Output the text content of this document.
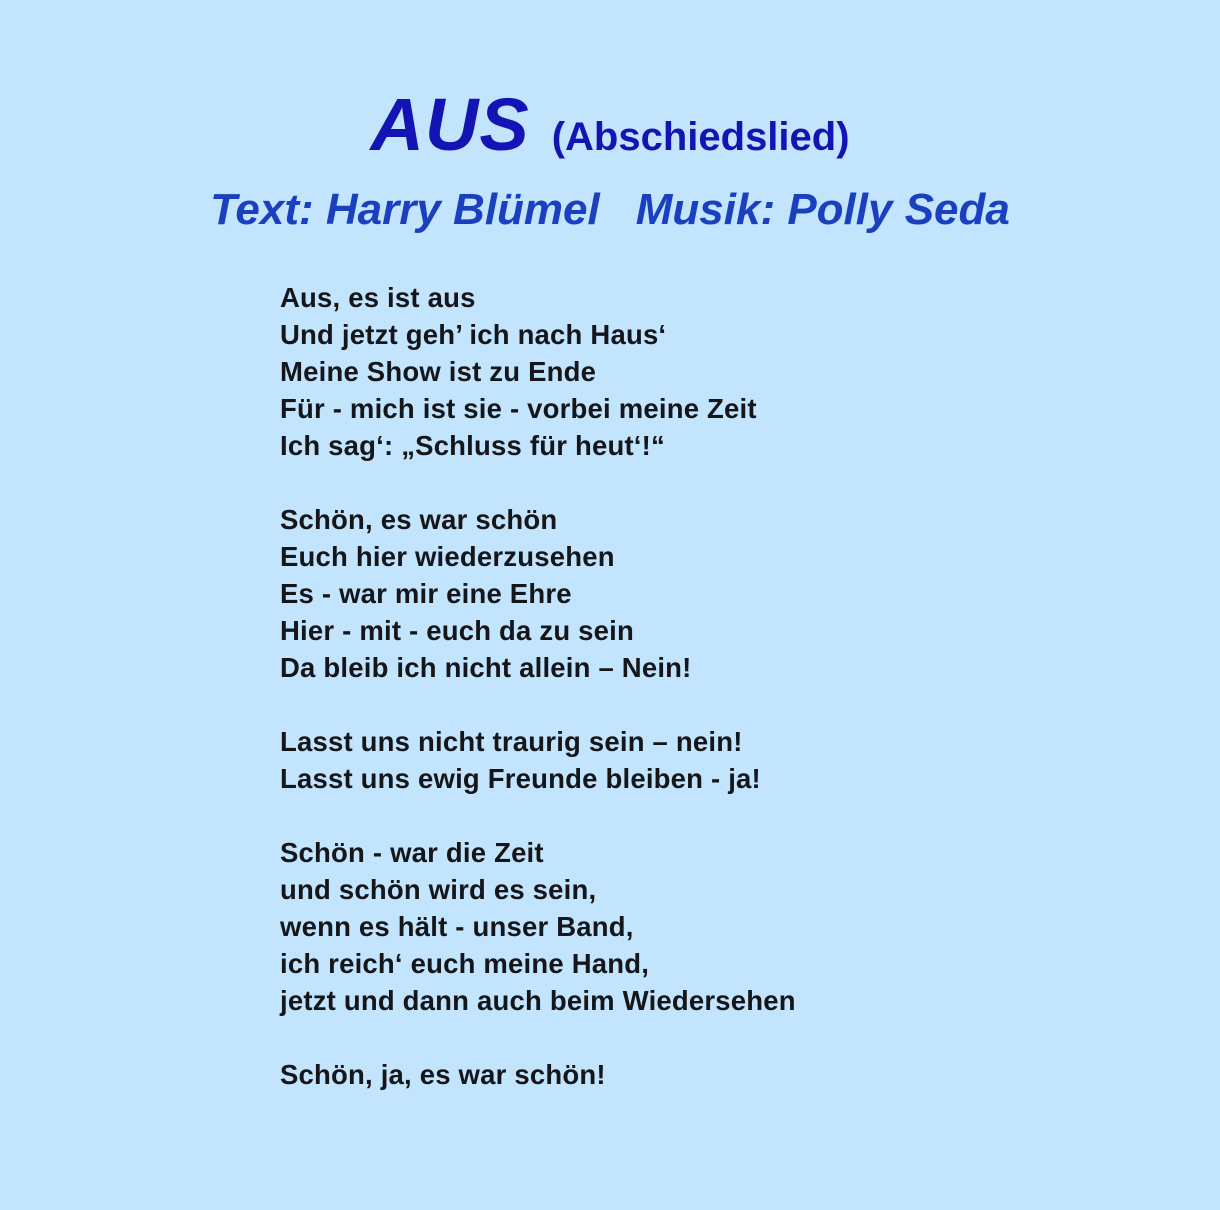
AUS (Abschiedslied)
Text: Harry Blümel Musik: Polly Seda
Aus, es ist aus
Und jetzt geh’ ich nach Haus‘
Meine Show ist zu Ende
Für - mich ist sie - vorbei meine Zeit
Ich sag‘: „Schluss für heut‘!“
Schön, es war schön
Euch hier wiederzusehen
Es - war mir eine Ehre
Hier - mit - euch da zu sein
Da bleib ich nicht allein – Nein!
Lasst uns nicht traurig sein – nein!
Lasst uns ewig Freunde bleiben - ja!
Schön - war die Zeit
und schön wird es sein,
wenn es hält - unser Band,
ich reich‘ euch meine Hand,
jetzt und dann auch beim Wiedersehen
Schön, ja, es war schön!
